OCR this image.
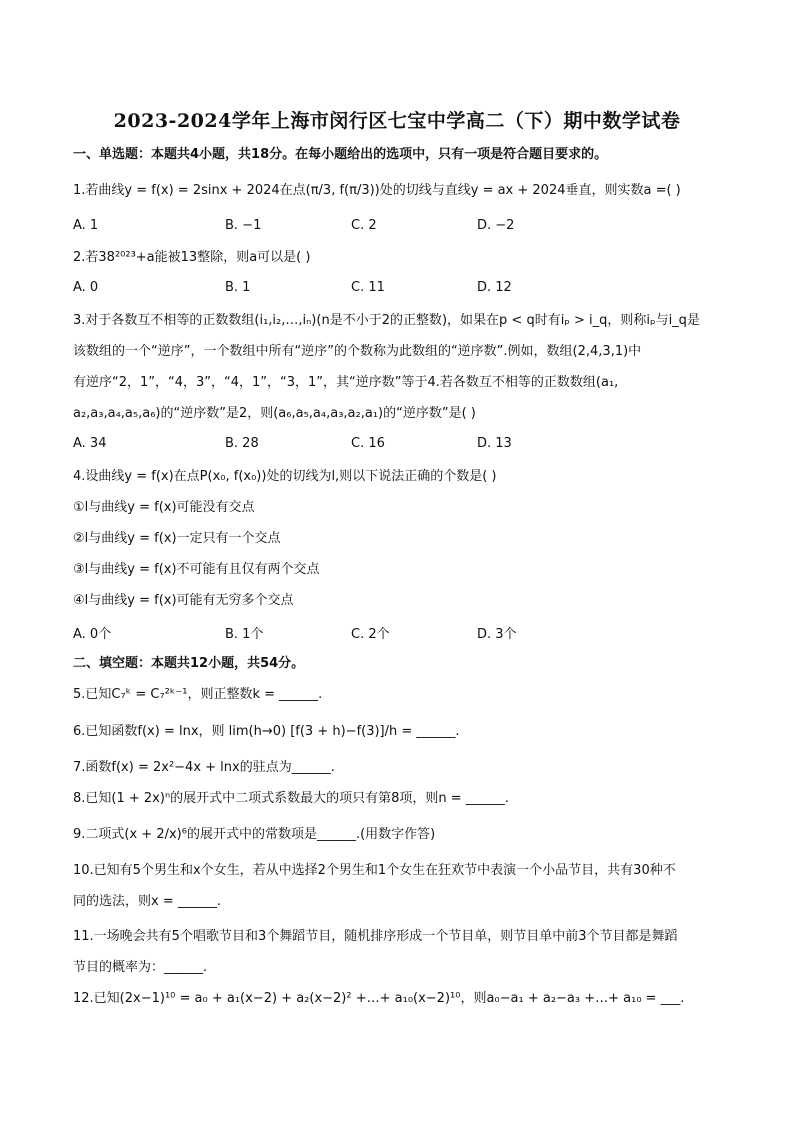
2023-2024学年上海市闵行区七宝中学高二（下）期中数学试卷
一、单选题：本题共4小题，共18分。在每小题给出的选项中，只有一项是符合题目要求的。
1.若曲线y = f(x) = 2sinx + 2024在点(π/3, f(π/3))处的切线与直线y = ax + 2024垂直，则实数a =( )
A. 1	B. −1	C. 2	D. −2
2.若38²⁰²³+a能被13整除，则a可以是( )
A. 0	B. 1	C. 11	D. 12
3.对于各数互不相等的正数数组(i₁,i₂,…,iₙ)(n是不小于2的正整数)，如果在p < q时有iₚ > i_q，则称iₚ与i_q是
该数组的一个“逆序”，一个数组中所有“逆序”的个数称为此数组的“逆序数”.例如，数组(2,4,3,1)中
有逆序“2，1”，“4，3”，“4，1”，“3，1”，其“逆序数”等于4.若各数互不相等的正数数组(a₁,
a₂,a₃,a₄,a₅,a₆)的“逆序数”是2，则(a₆,a₅,a₄,a₃,a₂,a₁)的“逆序数”是( )
A. 34	B. 28	C. 16	D. 13
4.设曲线y = f(x)在点P(x₀, f(x₀))处的切线为l,则以下说法正确的个数是( )
①l与曲线y = f(x)可能没有交点
②l与曲线y = f(x)一定只有一个交点
③l与曲线y = f(x)不可能有且仅有两个交点
④l与曲线y = f(x)可能有无穷多个交点
A. 0个	B. 1个	C. 2个	D. 3个
二、填空题：本题共12小题，共54分。
5.已知C₇ᵏ = C₇²ᵏ⁻¹，则正整数k = ______.
6.已知函数f(x) = lnx，则 lim(h→0) [f(3 + h)−f(3)]/h = ______.
7.函数f(x) = 2x²−4x + lnx的驻点为______.
8.已知(1 + 2x)ⁿ的展开式中二项式系数最大的项只有第8项，则n = ______.
9.二项式(x + 2/x)⁶的展开式中的常数项是______.(用数字作答)
10.已知有5个男生和x个女生，若从中选择2个男生和1个女生在狂欢节中表演一个小品节目，共有30种不
同的选法，则x = ______.
11.一场晚会共有5个唱歌节目和3个舞蹈节目，随机排序形成一个节目单，则节目单中前3个节目都是舞蹈
节目的概率为：______.
12.已知(2x−1)¹⁰ = a₀ + a₁(x−2) + a₂(x−2)² +…+ a₁₀(x−2)¹⁰，则a₀−a₁ + a₂−a₃ +…+ a₁₀ = ___.
